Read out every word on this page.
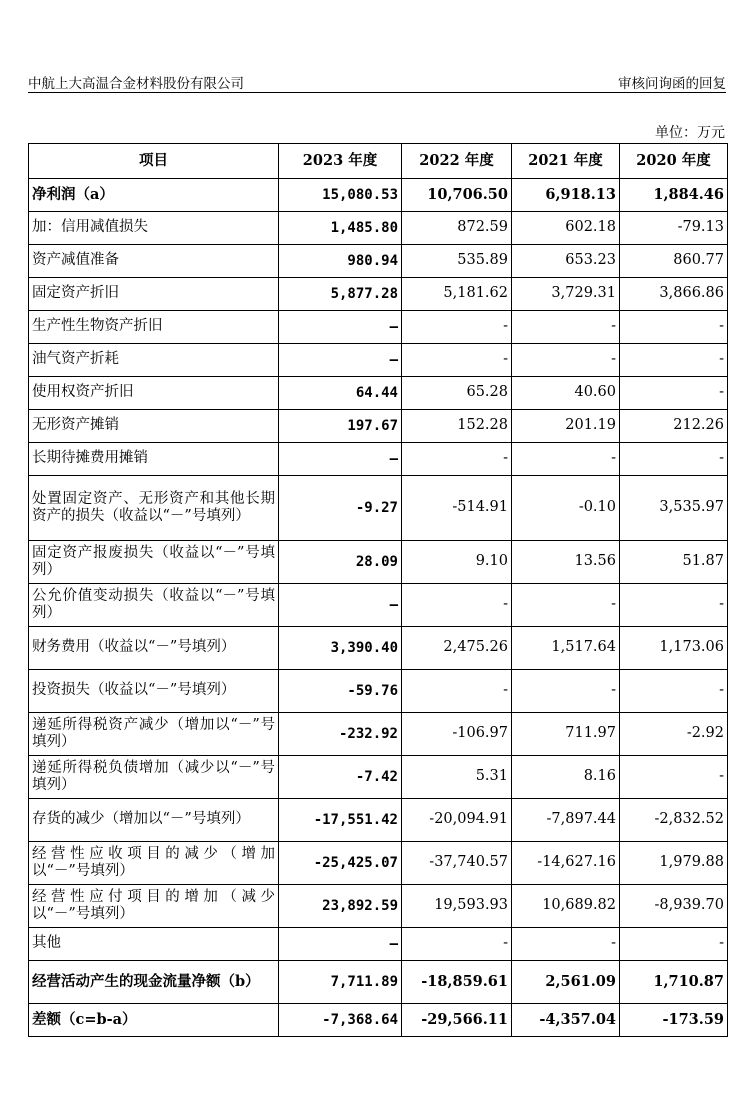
中航上大高温合金材料股份有限公司	审核问询函的回复
单位：万元
项目	2023 年度	2022 年度	2021 年度	2020 年度
净利润（a）	15,080.53	10,706.50	6,918.13	1,884.46
加：信用减值损失	1,485.80	872.59	602.18	-79.13
资产减值准备	980.94	535.89	653.23	860.77
固定资产折旧	5,877.28	5,181.62	3,729.31	3,866.86
生产性生物资产折旧	–	-	-	-
油气资产折耗	–	-	-	-
使用权资产折旧	64.44	65.28	40.60	-
无形资产摊销	197.67	152.28	201.19	212.26
长期待摊费用摊销	–	-	-	-
处置固定资产、无形资产和其他长期资产的损失（收益以“－”号填列）	-9.27	-514.91	-0.10	3,535.97
固定资产报废损失（收益以“－”号填列）	28.09	9.10	13.56	51.87
公允价值变动损失（收益以“－”号填列）	–	-	-	-
财务费用（收益以“－”号填列）	3,390.40	2,475.26	1,517.64	1,173.06
投资损失（收益以“－”号填列）	-59.76	-	-	-
递延所得税资产减少（增加以“－”号填列）	-232.92	-106.97	711.97	-2.92
递延所得税负债增加（减少以“－”号填列）	-7.42	5.31	8.16	-
存货的减少（增加以“－”号填列）	-17,551.42	-20,094.91	-7,897.44	-2,832.52
经营性应收项目的减少（增加以“－”号填列）	-25,425.07	-37,740.57	-14,627.16	1,979.88
经营性应付项目的增加（减少以“－”号填列）	23,892.59	19,593.93	10,689.82	-8,939.70
其他	–	-	-	-
经营活动产生的现金流量净额（b）	7,711.89	-18,859.61	2,561.09	1,710.87
差额（c=b-a）	-7,368.64	-29,566.11	-4,357.04	-173.59
